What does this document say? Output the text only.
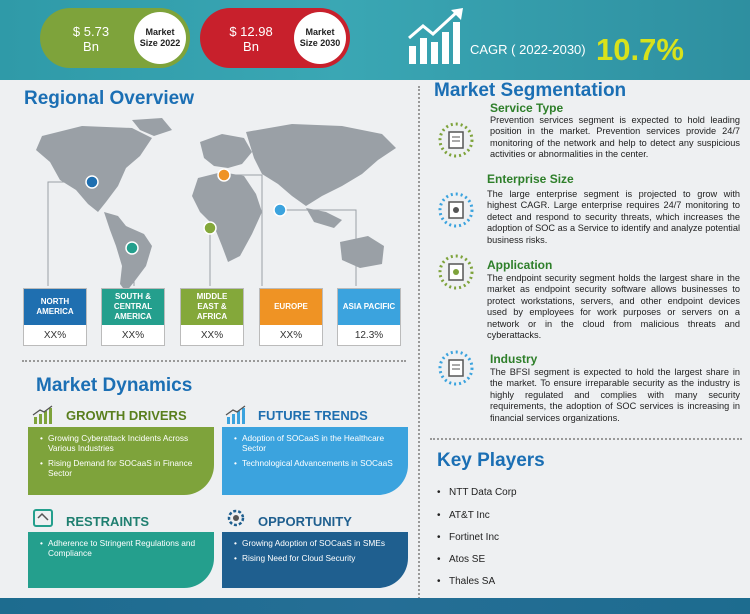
$ 5.73
Bn
Market
Size 2022
$ 12.98
Bn
Market
Size 2030	CAGR ( 2022-2030) 10.7%
Regional Overview
NORTH
AMERICA
XX%
SOUTH &
CENTRAL
AMERICA
XX%
MIDDLE
EAST &
AFRICA
XX%
EUROPE
XX%
ASIA PACIFIC
12.3%
Market Segmentation
Service Type
Prevention services segment is expected to hold leading position in the market. Prevention services provide 24/7 monitoring of the network and help to detect any suspicious activities or abnormalities in the center.
Enterprise Size
The large enterprise segment is projected to grow with highest CAGR. Large enterprise requires 24/7 monitoring to detect and respond to security threats, which increases the adoption of SOC as a Service to identify and analyze potential business risks.
Application
The endpoint security segment holds the largest share in the market as endpoint security software allows businesses to protect workstations, servers, and other endpoint devices used by employees for work purposes or servers on a network or in the cloud from malicious threats and cyberattacks.
Industry
The BFSI segment is expected to hold the largest share in the market. To ensure irreparable security as the industry is highly regulated and complies with many security requirements, the adoption of SOC services is increasing in financial services organizations.
Market Dynamics
GROWTH DRIVERS
• Growing Cyberattack Incidents Across Various Industries
• Rising Demand for SOCaaS in Finance Sector
FUTURE TRENDS
• Adoption of SOCaaS in the Healthcare Sector
• Technological Advancements in SOCaaS
RESTRAINTS
• Adherence to Stringent Regulations and Compliance
OPPORTUNITY
• Growing Adoption of SOCaaS in SMEs
• Rising Need for Cloud Security
Key Players
• NTT Data Corp
• AT&T Inc
• Fortinet Inc
• Atos SE
• Thales SA
